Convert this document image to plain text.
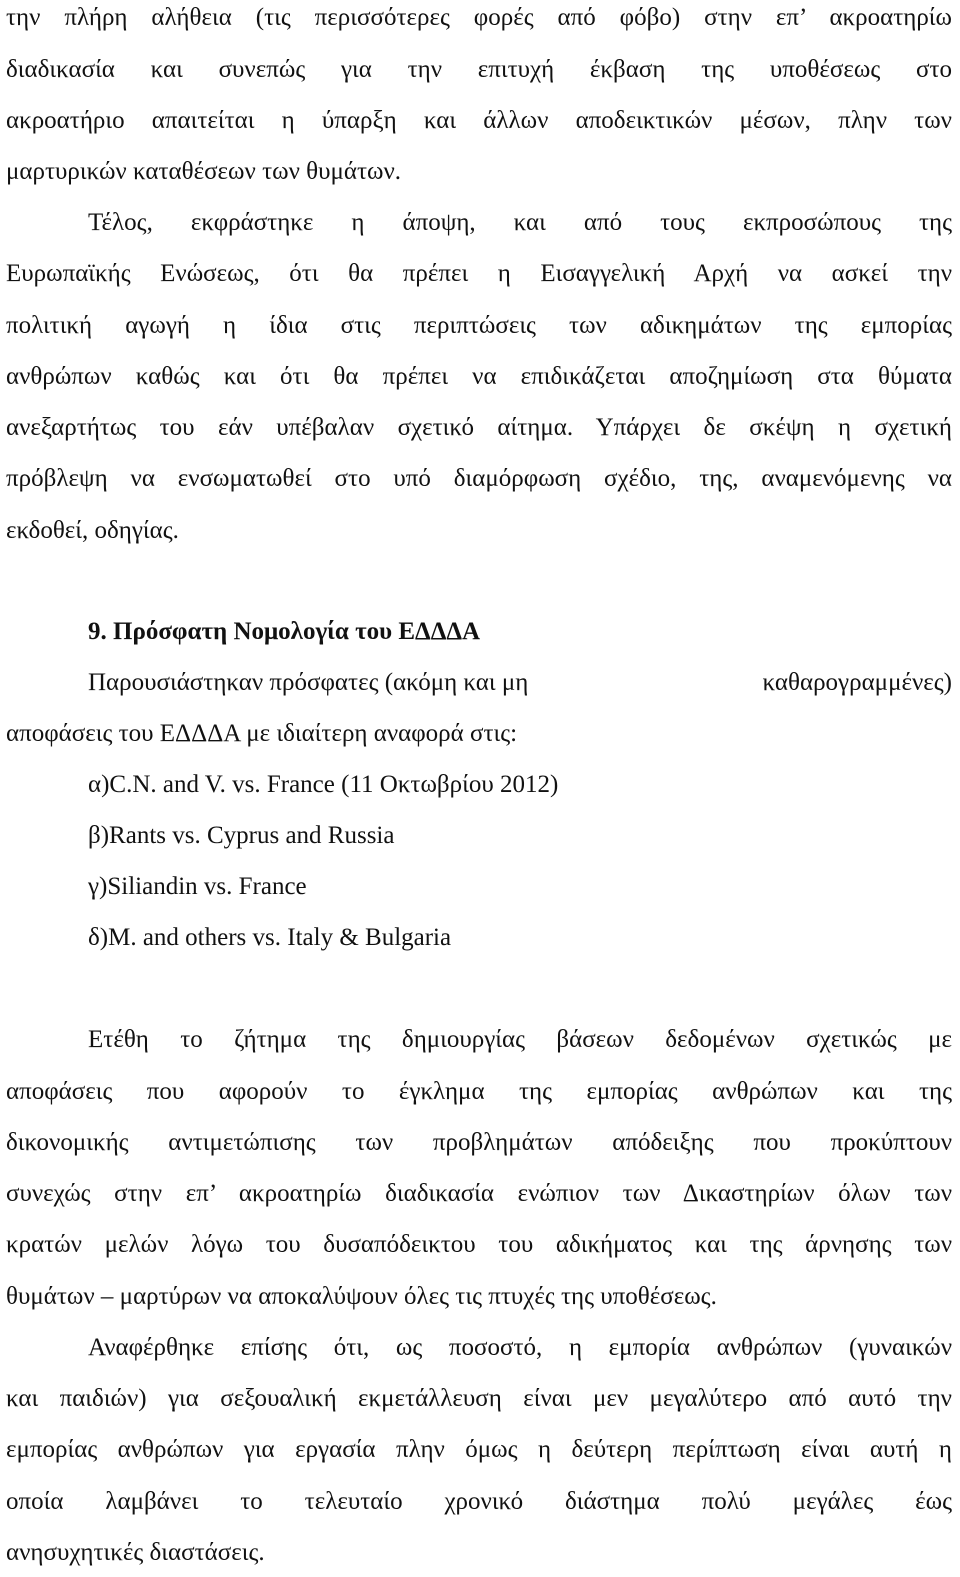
την πλήρη αλήθεια (τις περισσότερες φορές από φόβο) στην επ’ ακροατηρίω
διαδικασία και συνεπώς για την επιτυχή έκβαση της υποθέσεως στο
ακροατήριο απαιτείται η ύπαρξη και άλλων αποδεικτικών μέσων, πλην των
μαρτυρικών καταθέσεων των θυμάτων.
Τέλος, εκφράστηκε η άποψη, και από τους εκπροσώπους της
Ευρωπαϊκής Ενώσεως, ότι θα πρέπει η Εισαγγελική Αρχή να ασκεί την
πολιτική αγωγή η ίδια στις περιπτώσεις των αδικημάτων της εμπορίας
ανθρώπων καθώς και ότι θα πρέπει να επιδικάζεται αποζημίωση στα θύματα
ανεξαρτήτως του εάν υπέβαλαν σχετικό αίτημα. Υπάρχει δε σκέψη η σχετική
πρόβλεψη να ενσωματωθεί στο υπό διαμόρφωση σχέδιο, της, αναμενόμενης να
εκδοθεί, οδηγίας.
9. Πρόσφατη Νομολογία του ΕΔΔΔΑ
Παρουσιάστηκαν πρόσφατες (ακόμη και μη	καθαρογραμμένες)
αποφάσεις του ΕΔΔΔΑ με ιδιαίτερη αναφορά στις:
α)C.N. and V. vs. France (11 Οκτωβρίου 2012)
β)Rants vs. Cyprus and Russia
γ)Siliandin vs. France
δ)M. and others vs. Italy & Bulgaria
Ετέθη το ζήτημα της δημιουργίας βάσεων δεδομένων σχετικώς με
αποφάσεις που αφορούν το έγκλημα της εμπορίας ανθρώπων και της
δικονομικής αντιμετώπισης των προβλημάτων απόδειξης που προκύπτουν
συνεχώς στην επ’ ακροατηρίω διαδικασία ενώπιον των Δικαστηρίων όλων των
κρατών μελών λόγω του δυσαπόδεικτου του αδικήματος και της άρνησης των
θυμάτων – μαρτύρων να αποκαλύψουν όλες τις πτυχές της υποθέσεως.
Αναφέρθηκε επίσης ότι, ως ποσοστό, η εμπορία ανθρώπων (γυναικών
και παιδιών) για σεξουαλική εκμετάλλευση είναι μεν μεγαλύτερο από αυτό την
εμπορίας ανθρώπων για εργασία πλην όμως η δεύτερη περίπτωση είναι αυτή η
οποία λαμβάνει το τελευταίο χρονικό διάστημα πολύ μεγάλες έως
ανησυχητικές διαστάσεις.
